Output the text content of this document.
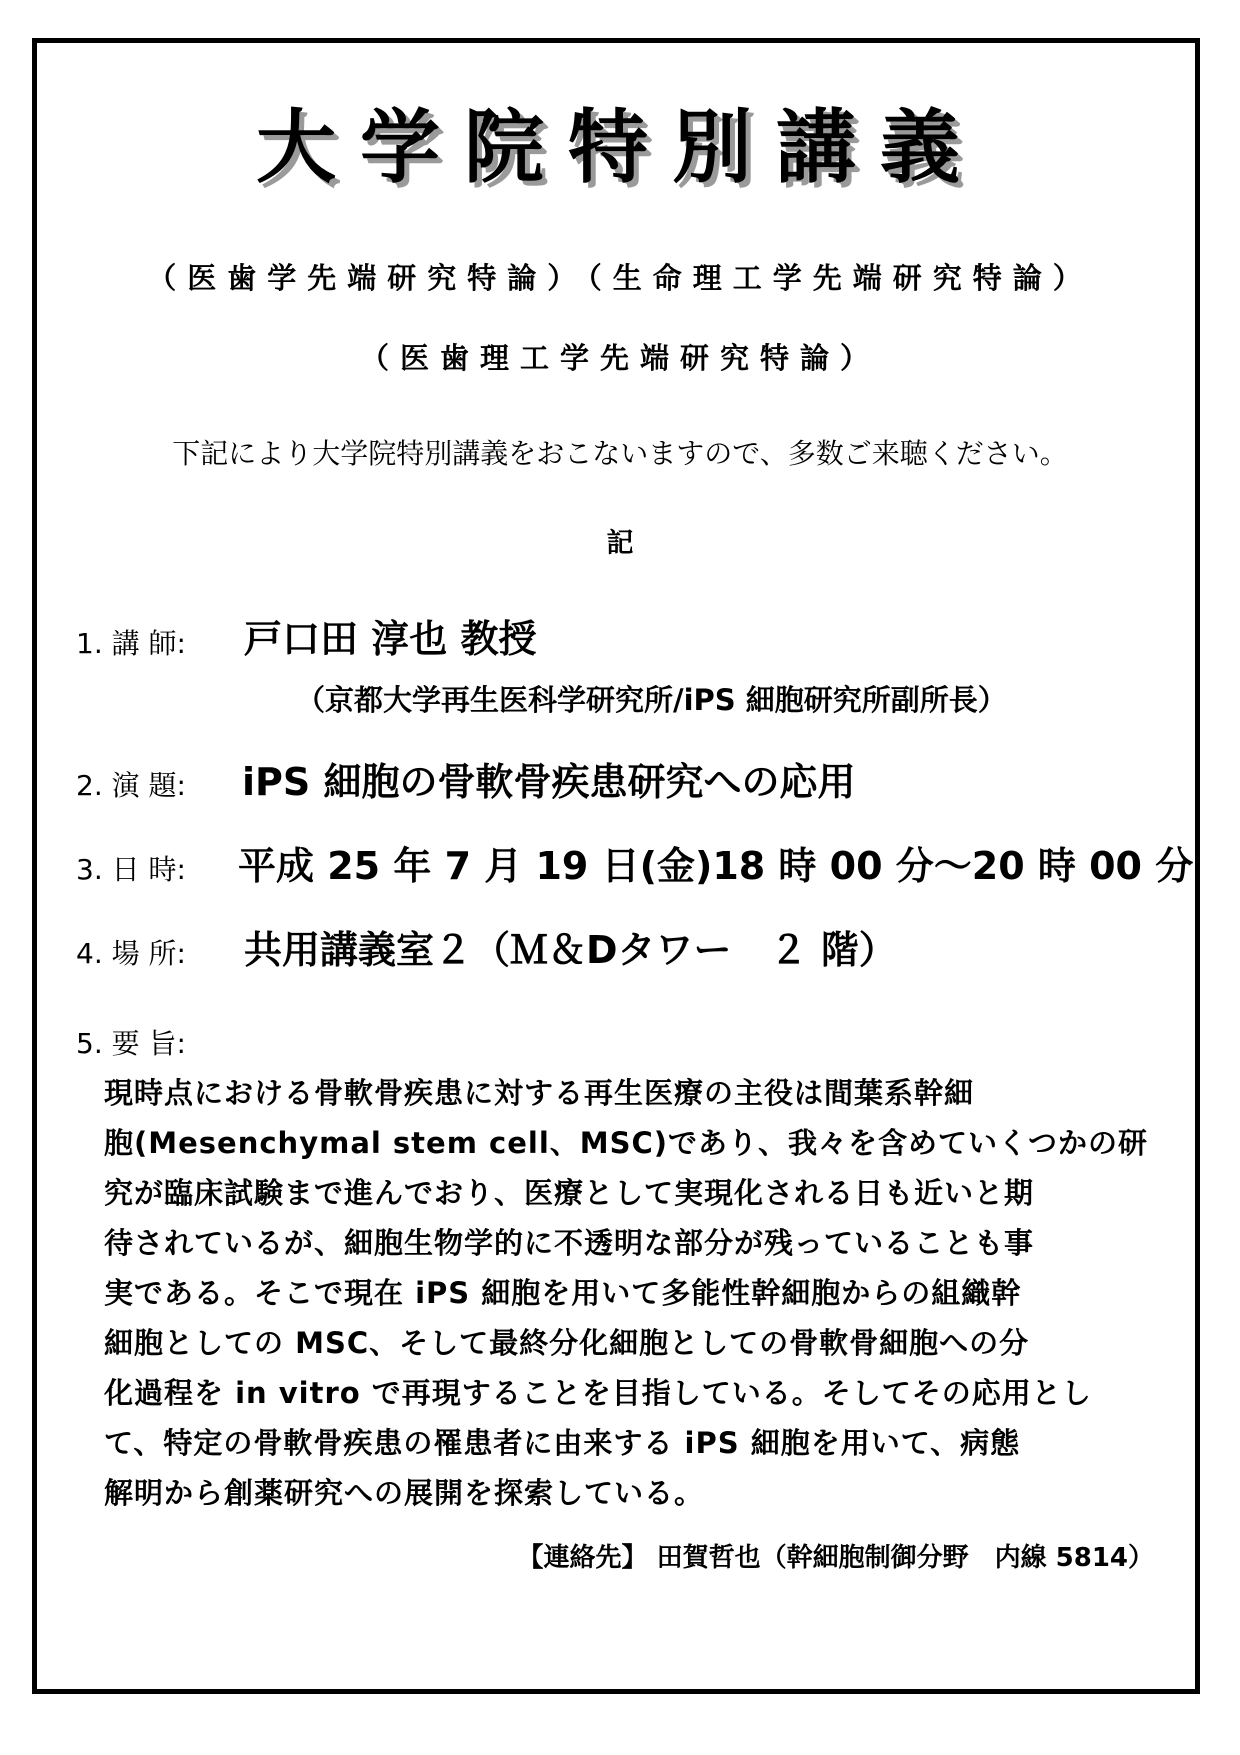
大学院特別講義
（医歯学先端研究特論）（生命理工学先端研究特論）
（医歯理工学先端研究特論）
下記により大学院特別講義をおこないますので、多数ご来聴ください。
記
1. 講 師: 戸口田 淳也 教授
（京都大学再生医科学研究所/iPS 細胞研究所副所長）
2. 演 題: iPS 細胞の骨軟骨疾患研究への応用
3. 日 時: 平成 25 年 7 月 19 日(金)18 時 00 分～20 時 00 分
4. 場 所: 共用講義室２（Ｍ＆Dタワー　２ 階）
5. 要 旨:
現時点における骨軟骨疾患に対する再生医療の主役は間葉系幹細
胞(Mesenchymal stem cell、MSC)であり、我々を含めていくつかの研
究が臨床試験まで進んでおり、医療として実現化される日も近いと期
待されているが、細胞生物学的に不透明な部分が残っていることも事
実である。そこで現在 iPS 細胞を用いて多能性幹細胞からの組織幹
細胞としての MSC、そして最終分化細胞としての骨軟骨細胞への分
化過程を in vitro で再現することを目指している。そしてその応用とし
て、特定の骨軟骨疾患の罹患者に由来する iPS 細胞を用いて、病態
解明から創薬研究への展開を探索している。
【連絡先】 田賀哲也（幹細胞制御分野　内線 5814）
